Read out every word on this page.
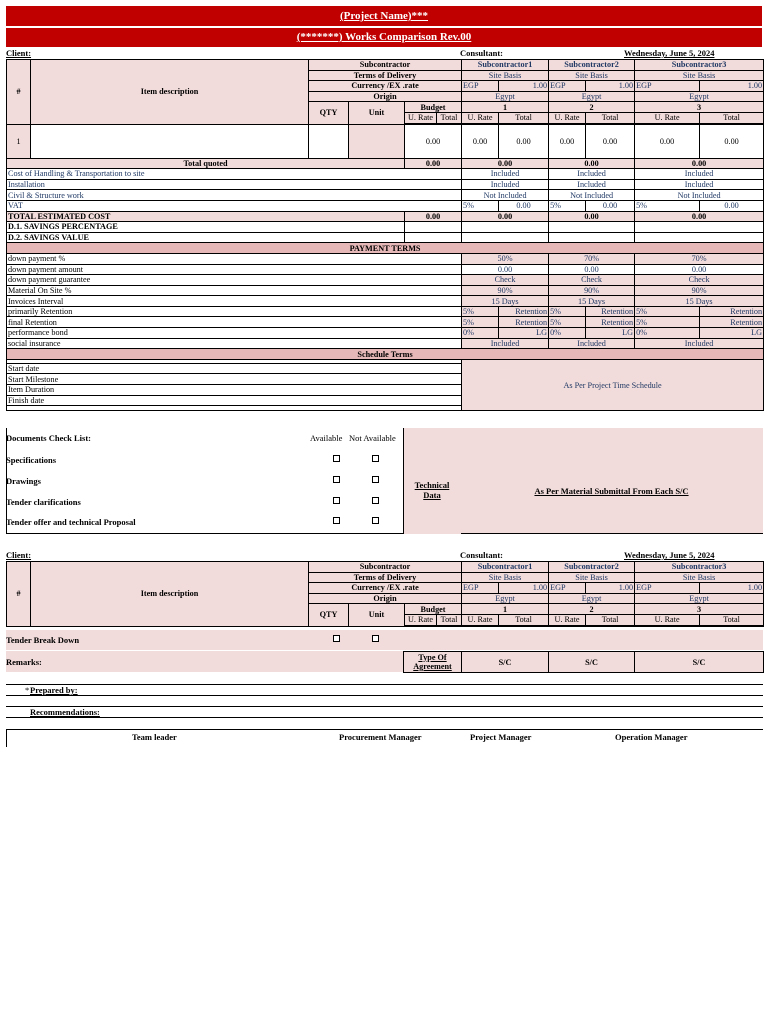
(Project Name)***
(*******) Works Comparison Rev.00
Client:	Consultant:	Wednesday, June 5, 2024
#	Item description	Subcontractor				Subcontractor1		Subcontractor2		Subcontractor3	
		Terms of Delivery				Site Basis		Site Basis		Site Basis	
		Currency /EX .rate				EGP	1.00	EGP	1.00	EGP	1.00
		Origin				Egypt		Egypt		Egypt	
		QTY	Unit	Budget		1		2		3	
				U. Rate	Total	U. Rate	Total	U. Rate	Total	U. Rate	Total

1				0.00		0.00	0.00	0.00	0.00	0.00	0.00
Total quoted				0.00		0.00		0.00		0.00	
Cost of Handling & Transportation to site						Included		Included		Included	
Installation						Included		Included		Included	
Civil & Structure work						Not Included		Not Included		Not Included	
VAT						5%	0.00	5%	0.00	5%	0.00
TOTAL ESTIMATED COST				0.00		0.00		0.00		0.00	
D.1. SAVINGS PERCENTAGE											
D.2. SAVINGS VALUE											
PAYMENT TERMS											
down payment %						50%		70%		70%	
down payment amount						0.00		0.00		0.00	
down payment guarantee						Check		Check		Check	
Material On Site %						90%		90%		90%	
Invoices Interval						15 Days		15 Days		15 Days	
primarily Retention						5%	Retention	5%	Retention	5%	Retention
final Retention						5%	Retention	5%	Retention	5%	Retention
performance bond						0%	LG	0%	LG	0%	LG
social insurance						Included		Included		Included	
Schedule Terms											
						As Per Project Time Schedule					
Start date											
Start Milestone											
Item Duration											
Finish date											

Documents Check List:	Available Not Available
Specifications
Drawings
Tender clarifications
Tender offer and technical Proposal
Technical Data	As Per Material Submittal From Each S/C
Client:	Consultant:	Wednesday, June 5, 2024
#	Item description	Subcontractor				Subcontractor1		Subcontractor2		Subcontractor3	
		Terms of Delivery				Site Basis		Site Basis		Site Basis	
		Currency /EX .rate				EGP	1.00	EGP	1.00	EGP	1.00
		Origin				Egypt		Egypt		Egypt	
		QTY	Unit	Budget		1		2		3	
				U. Rate	Total	U. Rate	Total	U. Rate	Total	U. Rate	Total

Tender Break Down
Remarks:	Type Of Agreement	S/C	S/C	S/C
* Prepared by:
Recommendations:
Team leader	Procurement Manager	Project Manager	Operation Manager
